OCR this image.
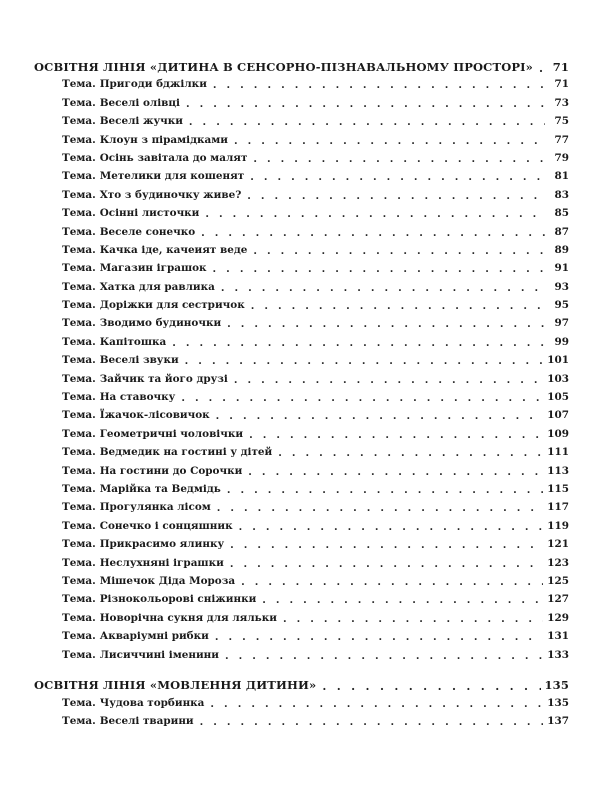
ОСВІТНЯ ЛІНІЯ «ДИТИНА В СЕНСОРНО-ПІЗНАВАЛЬНОМУ ПРОСТОРІ» . . .	71
Тема. Пригоди бджілки . . .	71
Тема. Веселі олівці . . .	73
Тема. Веселі жучки . . .	75
Тема. Клоун з пірамідками . . .	77
Тема. Осінь завітала до малят . . .	79
Тема. Метелики для кошенят . . .	81
Тема. Хто з будиночку живе? . . .	83
Тема. Осінні листочки . . .	85
Тема. Веселе сонечко . . .	87
Тема. Качка іде, качеият веде . . .	89
Тема. Магазин іграшок . . .	91
Тема. Хатка для равлика . . .	93
Тема. Доріжки для сестричок . . .	95
Тема. Зводимо будиночки . . .	97
Тема. Капітошка . . .	99
Тема. Веселі звуки . . .	101
Тема. Зайчик та його друзі . . .	103
Тема. На ставочку . . .	105
Тема. Їжачок-лісовичок . . .	107
Тема. Геометричні чоловічки . . .	109
Тема. Ведмедик на гостині у дітей . . .	111
Тема. На гостини до Сорочки . . .	113
Тема. Марійка та Ведмідь . . .	115
Тема. Прогулянка лісом . . .	117
Тема. Сонечко і сонцяшник . . .	119
Тема. Прикрасимо ялинку . . .	121
Тема. Неслухняні іграшки . . .	123
Тема. Мішечок Діда Мороза . . .	125
Тема. Різнокольорові сніжинки . . .	127
Тема. Новорічна сукня для ляльки . . .	129
Тема. Акваріумні рибки . . .	131
Тема. Лисиччині іменини . . .	133
ОСВІТНЯ ЛІНІЯ «МОВЛЕННЯ ДИТИНИ» . . .	135
Тема. Чудова торбинка . . .	135
Тема. Веселі тварини . . .	137
